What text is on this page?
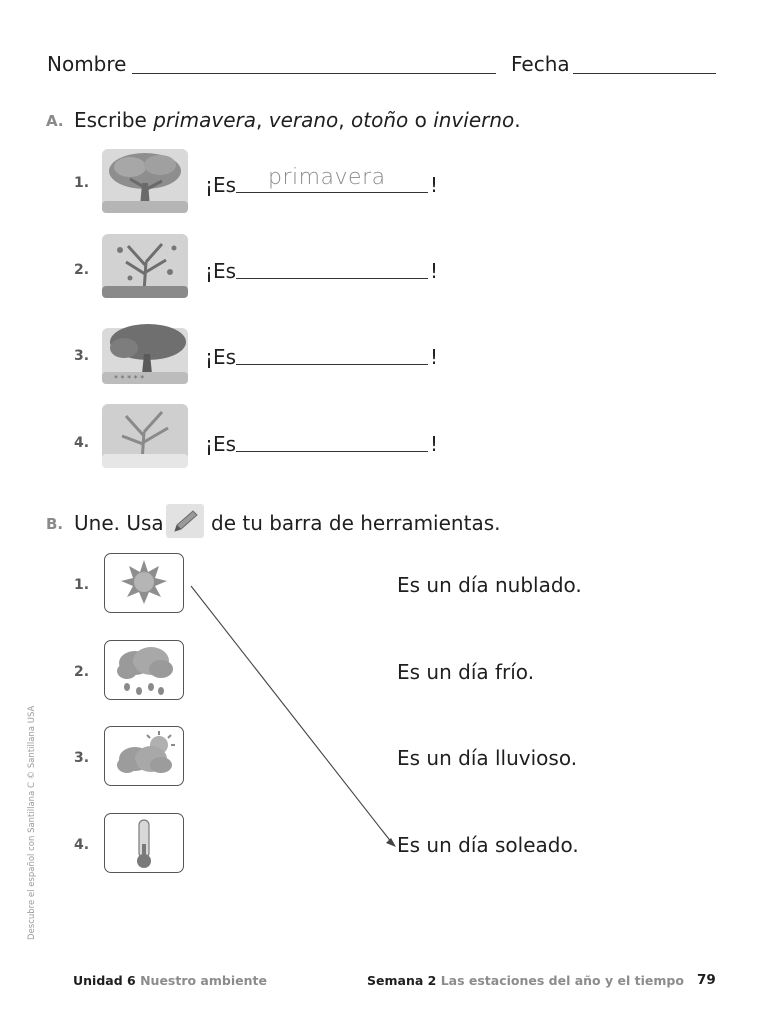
Nombre	Fecha
A. Escribe primavera, verano, otoño o invierno.
1.	¡Es primavera !
2.	¡Es	!
3.
* * * * *
¡Es	!
4.	¡Es	!
B. Une. Usa de tu barra de herramientas.
1.
2.
3.
4.
Es un día nublado.
Es un día frío.
Es un día lluvioso.
Es un día soleado.
Descubre el español con Santillana C © Santillana USA
Unidad 6 Nuestro ambiente	Semana 2 Las estaciones del año y el tiempo 79
